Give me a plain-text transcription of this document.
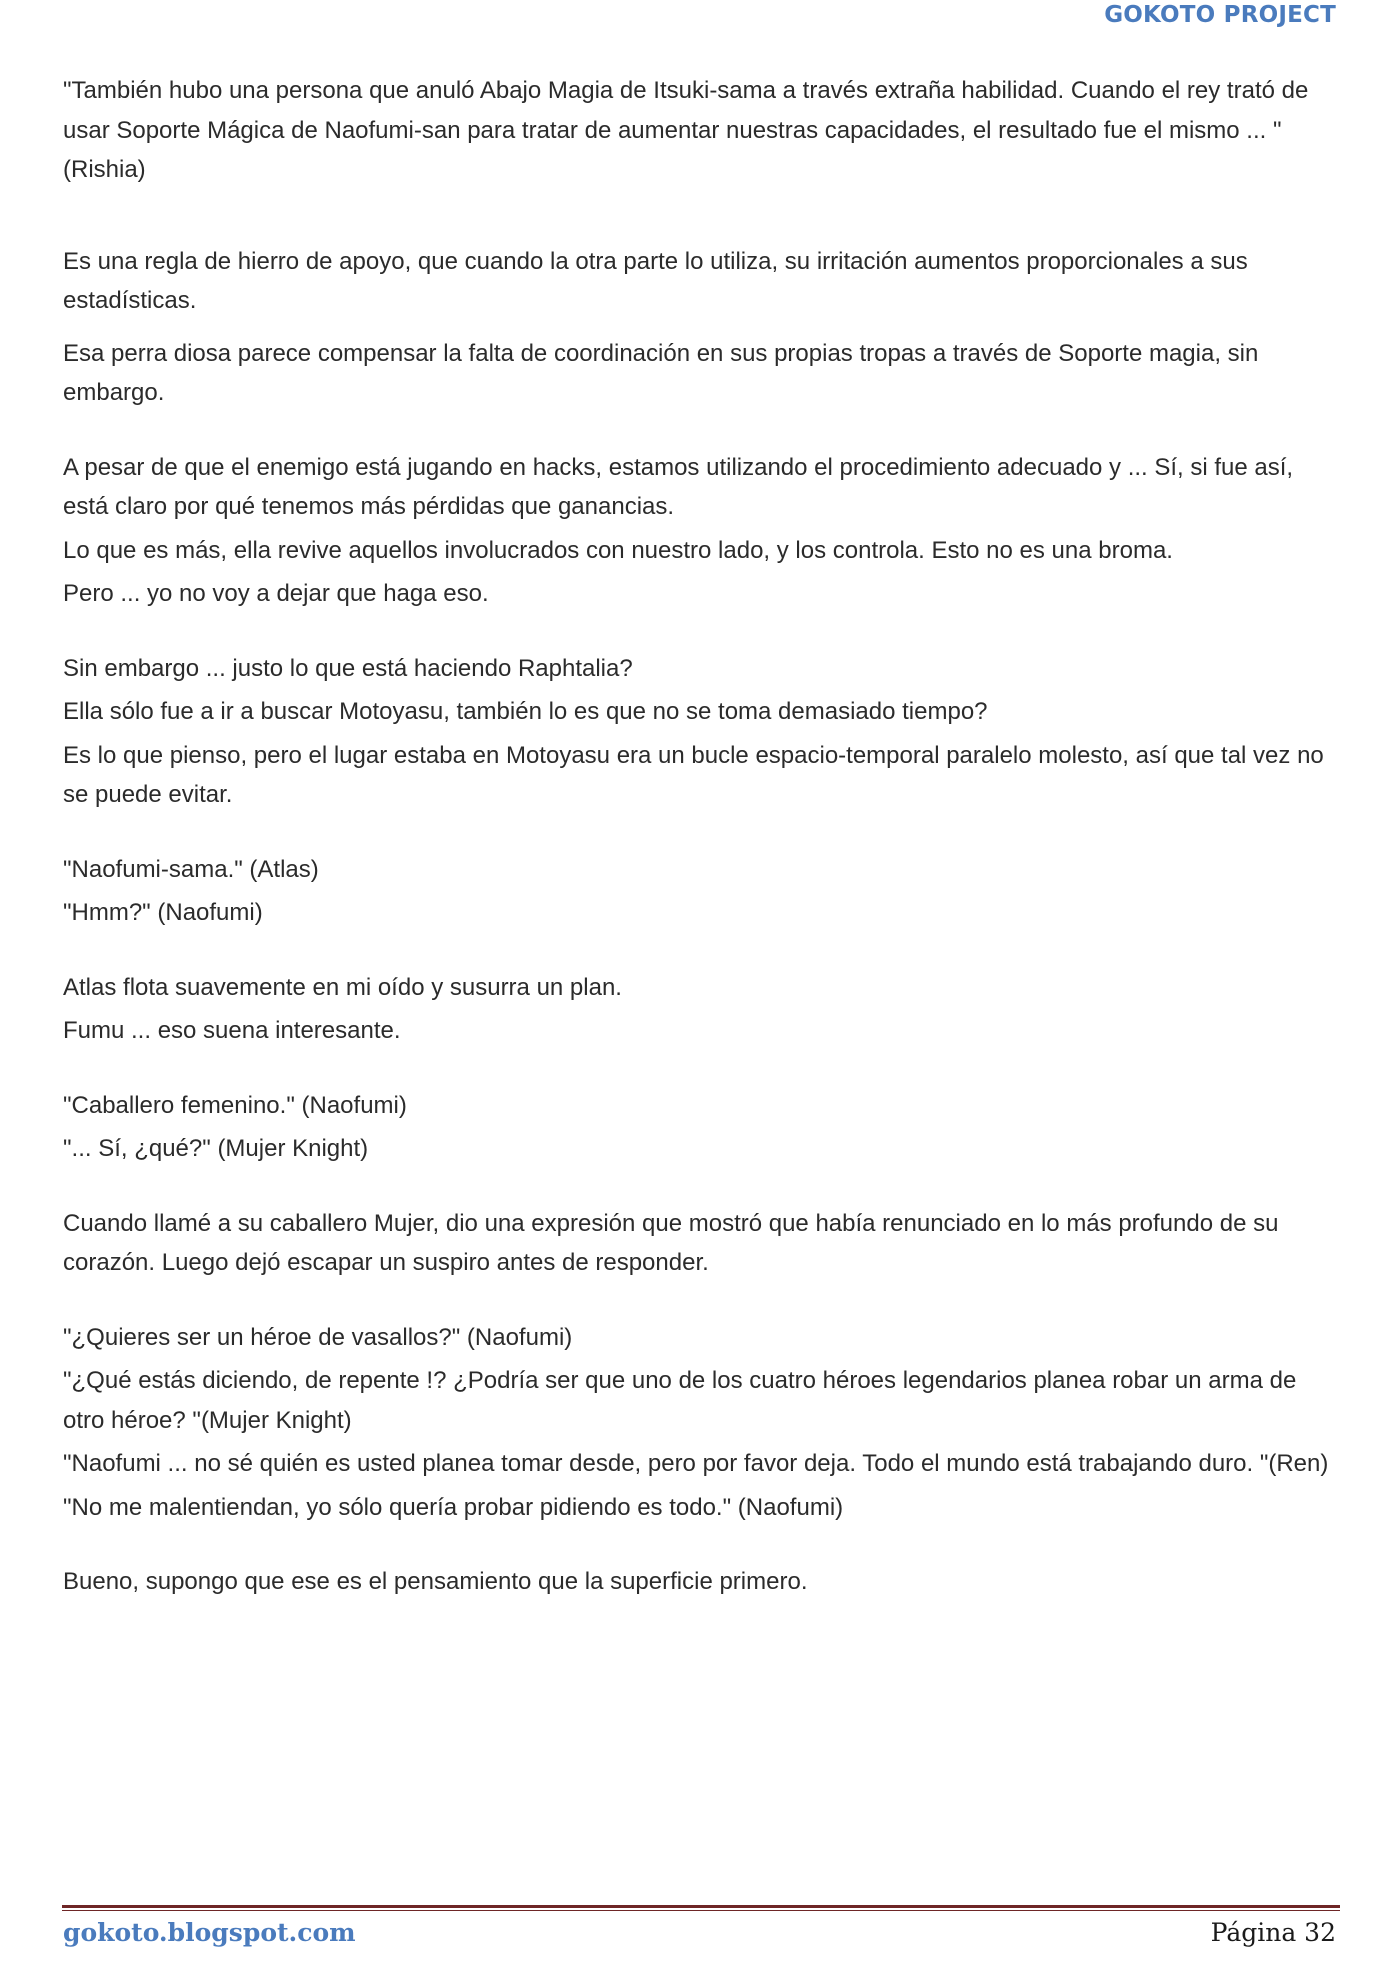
GOKOTO PROJECT

"También hubo una persona que anuló Abajo Magia de Itsuki-sama a través extraña habilidad. Cuando el rey trató de usar Soporte Mágica de Naofumi-san para tratar de aumentar nuestras capacidades, el resultado fue el mismo ... "(Rishia)

Es una regla de hierro de apoyo, que cuando la otra parte lo utiliza, su irritación aumentos proporcionales a sus estadísticas.

Esa perra diosa parece compensar la falta de coordinación en sus propias tropas a través de Soporte magia, sin embargo.

A pesar de que el enemigo está jugando en hacks, estamos utilizando el procedimiento adecuado y ... Sí, si fue así, está claro por qué tenemos más pérdidas que ganancias.

Lo que es más, ella revive aquellos involucrados con nuestro lado, y los controla. Esto no es una broma.

Pero ... yo no voy a dejar que haga eso.

Sin embargo ... justo lo que está haciendo Raphtalia?

Ella sólo fue a ir a buscar Motoyasu, también lo es que no se toma demasiado tiempo?

Es lo que pienso, pero el lugar estaba en Motoyasu era un bucle espacio-temporal paralelo molesto, así que tal vez no se puede evitar.

"Naofumi-sama." (Atlas)

"Hmm?" (Naofumi)

Atlas flota suavemente en mi oído y susurra un plan.

Fumu ... eso suena interesante.

"Caballero femenino." (Naofumi)

"... Sí, ¿qué?" (Mujer Knight)

Cuando llamé a su caballero Mujer, dio una expresión que mostró que había renunciado en lo más profundo de su corazón. Luego dejó escapar un suspiro antes de responder.

"¿Quieres ser un héroe de vasallos?" (Naofumi)

"¿Qué estás diciendo, de repente !? ¿Podría ser que uno de los cuatro héroes legendarios planea robar un arma de otro héroe? "(Mujer Knight)

"Naofumi ... no sé quién es usted planea tomar desde, pero por favor deja. Todo el mundo está trabajando duro. "(Ren)

"No me malentiendan, yo sólo quería probar pidiendo es todo." (Naofumi)

Bueno, supongo que ese es el pensamiento que la superficie primero.

gokoto.blogspot.com	Página 32
